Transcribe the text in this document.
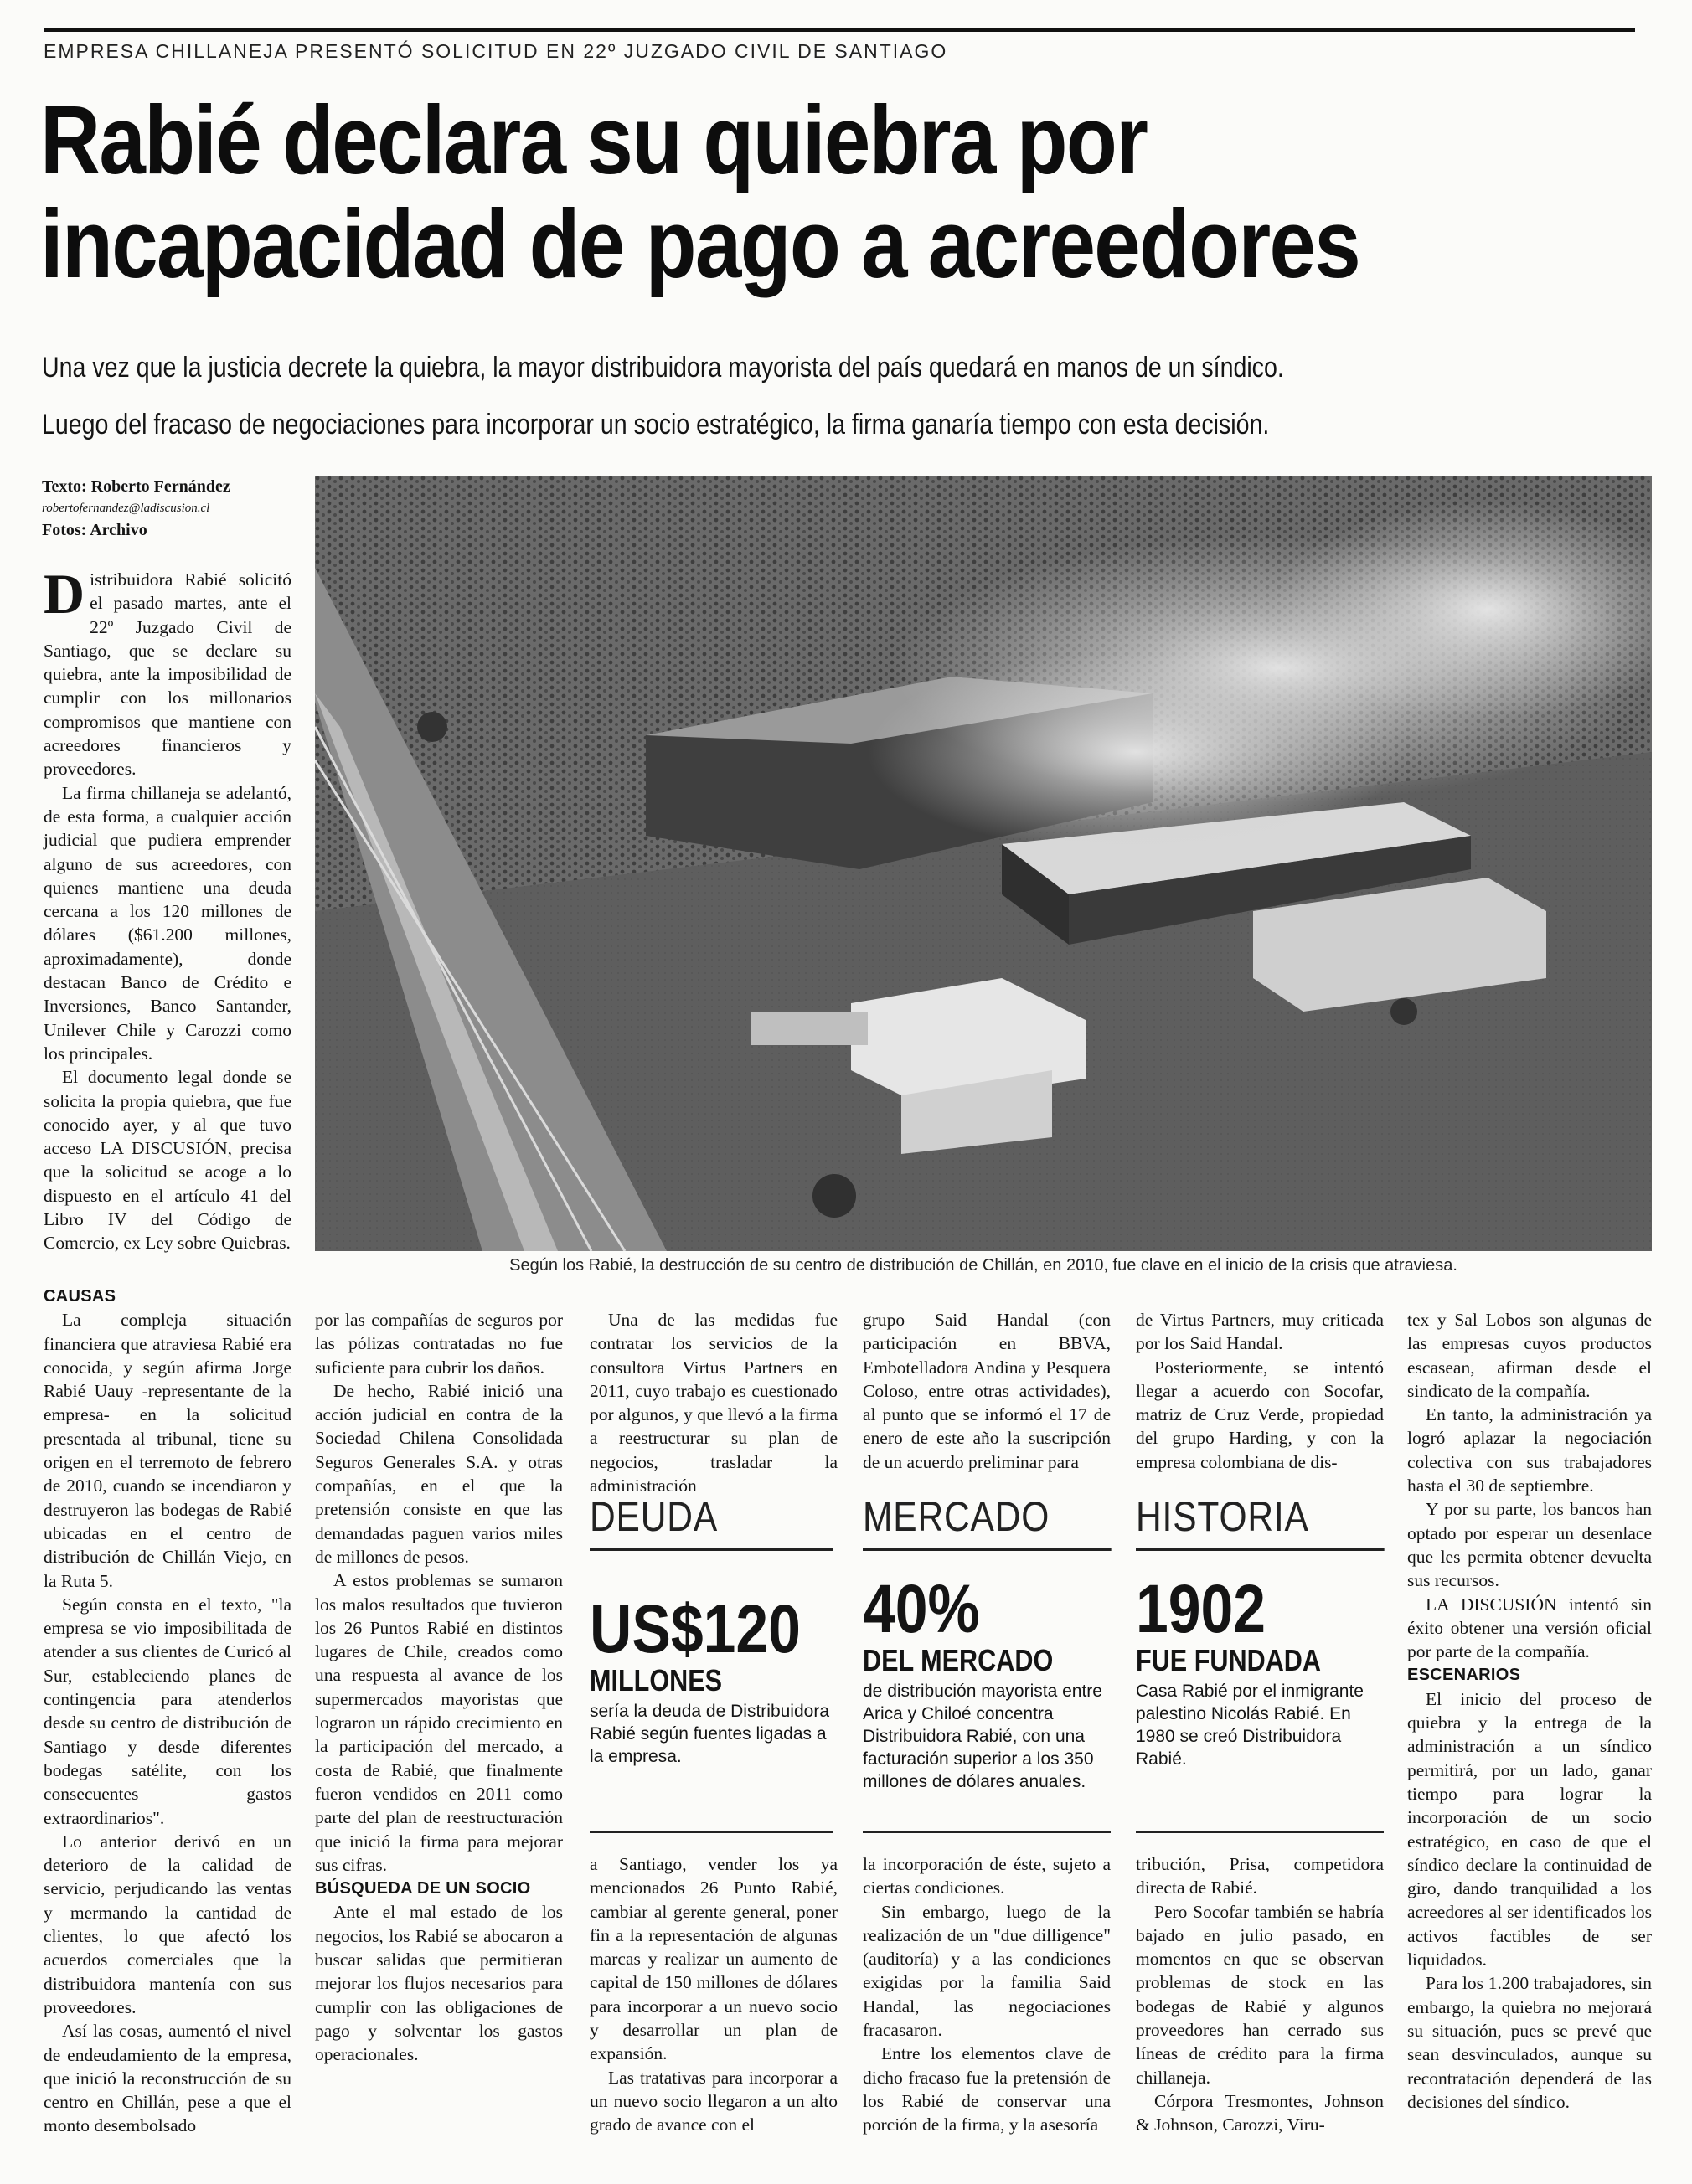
EMPRESA CHILLANEJA PRESENTÓ SOLICITUD EN 22º JUZGADO CIVIL DE SANTIAGO
Rabié declara su quiebra por
incapacidad de pago a acreedores
Una vez que la justicia decrete la quiebra, la mayor distribuidora mayorista del país quedará en manos de un síndico.
Luego del fracaso de negociaciones para incorporar un socio estratégico, la firma ganaría tiempo con esta decisión.
Texto: Roberto Fernández
robertofernandez@ladiscusion.cl
Fotos: Archivo
Según los Rabié, la destrucción de su centro de distribución de Chillán, en 2010, fue clave en el inicio de la crisis que atraviesa.

Distribuidora Rabié solicitó el pasado martes, ante el 22º Juzgado Civil de Santiago, que se declare su quiebra, ante la imposibilidad de cumplir con los millonarios compromisos que mantiene con acreedores financieros y proveedores.

La firma chillaneja se adelantó, de esta forma, a cualquier acción judicial que pudiera emprender alguno de sus acreedores, con quienes mantiene una deuda cercana a los 120 millones de dólares ($61.200 millones, aproximadamente), donde destacan Banco de Crédito e Inversiones, Banco Santander, Unilever Chile y Carozzi como los principales.

El documento legal donde se solicita la propia quiebra, que fue conocido ayer, y al que tuvo acceso LA DISCUSIÓN, precisa que la solicitud se acoge a lo dispuesto en el artículo 41 del Libro IV del Código de Comercio, ex Ley sobre Quiebras.

CAUSAS

La compleja situación financiera que atraviesa Rabié era conocida, y según afirma Jorge Rabié Uauy -representante de la empresa- en la solicitud presentada al tribunal, tiene su origen en el terremoto de febrero de 2010, cuando se incendiaron y destruyeron las bodegas de Rabié ubicadas en el centro de distribución de Chillán Viejo, en la Ruta 5.

Según consta en el texto, "la empresa se vio imposibilitada de atender a sus clientes de Curicó al Sur, estableciendo planes de contingencia para atenderlos desde su centro de distribución de Santiago y desde diferentes bodegas satélite, con los consecuentes gastos extraordinarios".

Lo anterior derivó en un deterioro de la calidad de servicio, perjudicando las ventas y mermando la cantidad de clientes, lo que afectó los acuerdos comerciales que la distribuidora mantenía con sus proveedores.

Así las cosas, aumentó el nivel de endeudamiento de la empresa, que inició la reconstrucción de su centro en Chillán, pese a que el monto desembolsado

por las compañías de seguros por las pólizas contratadas no fue suficiente para cubrir los daños.

De hecho, Rabié inició una acción judicial en contra de la Sociedad Chilena Consolidada Seguros Generales S.A. y otras compañías, en el que la pretensión consiste en que las demandadas paguen varios miles de millones de pesos.

A estos problemas se sumaron los malos resultados que tuvieron los 26 Puntos Rabié en distintos lugares de Chile, creados como una respuesta al avance de los supermercados mayoristas que lograron un rápido crecimiento en la participación del mercado, a costa de Rabié, que finalmente fueron vendidos en 2011 como parte del plan de reestructuración que inició la firma para mejorar sus cifras.

BÚSQUEDA DE UN SOCIO

Ante el mal estado de los negocios, los Rabié se abocaron a buscar salidas que permitieran mejorar los flujos necesarios para cumplir con las obligaciones de pago y solventar los gastos operacionales.

Una de las medidas fue contratar los servicios de la consultora Virtus Partners en 2011, cuyo trabajo es cuestionado por algunos, y que llevó a la firma a reestructurar su plan de negocios, trasladar la administración

a Santiago, vender los ya mencionados 26 Punto Rabié, cambiar al gerente general, poner fin a la representación de algunas marcas y realizar un aumento de capital de 150 millones de dólares para incorporar a un nuevo socio y desarrollar un plan de expansión.

Las tratativas para incorporar a un nuevo socio llegaron a un alto grado de avance con el

grupo Said Handal (con participación en BBVA, Embotelladora Andina y Pesquera Coloso, entre otras actividades), al punto que se informó el 17 de enero de este año la suscripción de un acuerdo preliminar para

la incorporación de éste, sujeto a ciertas condiciones.

Sin embargo, luego de la realización de un "due dilligence" (auditoría) y a las condiciones exigidas por la familia Said Handal, las negociaciones fracasaron.

Entre los elementos clave de dicho fracaso fue la pretensión de los Rabié de conservar una porción de la firma, y la asesoría

de Virtus Partners, muy criticada por los Said Handal.

Posteriormente, se intentó llegar a acuerdo con Socofar, matriz de Cruz Verde, propiedad del grupo Harding, y con la empresa colombiana de dis-

tribución, Prisa, competidora directa de Rabié.

Pero Socofar también se habría bajado en julio pasado, en momentos en que se observan problemas de stock en las bodegas de Rabié y algunos proveedores han cerrado sus líneas de crédito para la firma chillaneja.

Córpora Tresmontes, Johnson & Johnson, Carozzi, Viru-

tex y Sal Lobos son algunas de las empresas cuyos productos escasean, afirman desde el sindicato de la compañía.

En tanto, la administración ya logró aplazar la negociación colectiva con sus trabajadores hasta el 30 de septiembre.

Y por su parte, los bancos han optado por esperar un desenlace que les permita obtener devuelta sus recursos.

LA DISCUSIÓN intentó sin éxito obtener una versión oficial por parte de la compañía.

ESCENARIOS

El inicio del proceso de quiebra y la entrega de la administración a un síndico permitirá, por un lado, ganar tiempo para lograr la incorporación de un socio estratégico, en caso de que el síndico declare la continuidad de giro, dando tranquilidad a los acreedores al ser identificados los activos factibles de ser liquidados.

Para los 1.200 trabajadores, sin embargo, la quiebra no mejorará su situación, pues se prevé que sean desvinculados, aunque su recontratación dependerá de las decisiones del síndico.

DEUDA
US$120
MILLONES
sería la deuda de Distribuidora Rabié según fuentes ligadas a la empresa.
MERCADO
40%
DEL MERCADO
de distribución mayorista entre Arica y Chiloé concentra Distribuidora Rabié, con una facturación superior a los 350 millones de dólares anuales.
HISTORIA
1902
FUE FUNDADA
Casa Rabié por el inmigrante palestino Nicolás Rabié. En 1980 se creó Distribuidora Rabié.
